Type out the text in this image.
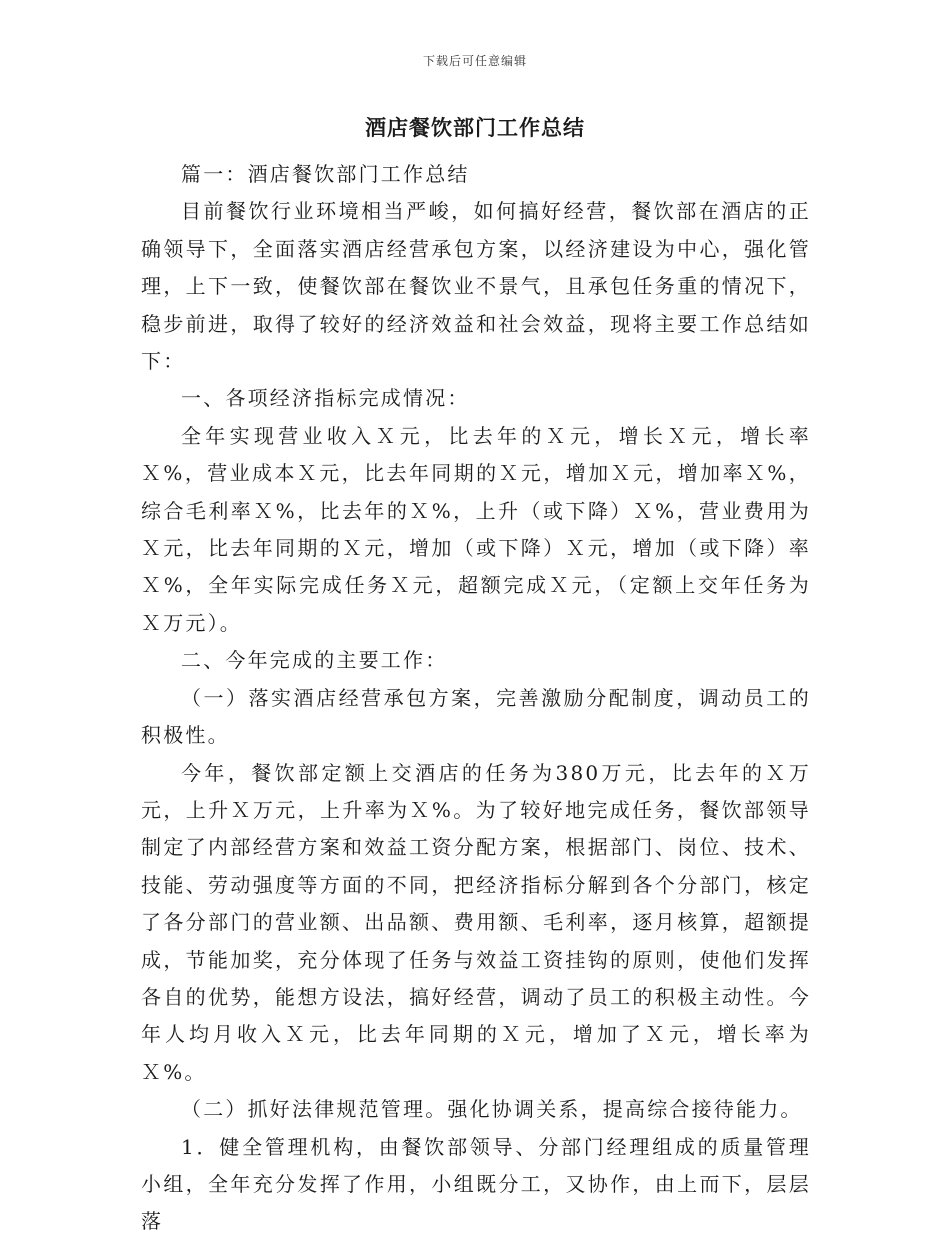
下载后可任意编辑
酒店餐饮部门工作总结

篇一：酒店餐饮部门工作总结

目前餐饮行业环境相当严峻，如何搞好经营，餐饮部在酒店的正确领导下，全面落实酒店经营承包方案，以经济建设为中心，强化管理，上下一致，使餐饮部在餐饮业不景气，且承包任务重的情况下，稳步前进，取得了较好的经济效益和社会效益，现将主要工作总结如下：

一、各项经济指标完成情况：

全年实现营业收入Ｘ元，比去年的Ｘ元，增长Ｘ元，增长率Ｘ%，营业成本Ｘ元，比去年同期的Ｘ元，增加Ｘ元，增加率Ｘ%，综合毛利率Ｘ%，比去年的Ｘ%，上升（或下降）Ｘ%，营业费用为Ｘ元，比去年同期的Ｘ元，增加（或下降）Ｘ元，增加（或下降）率Ｘ%，全年实际完成任务Ｘ元，超额完成Ｘ元，（定额上交年任务为Ｘ万元）。

二、今年完成的主要工作：

（一）落实酒店经营承包方案，完善激励分配制度，调动员工的积极性。

今年，餐饮部定额上交酒店的任务为380万元，比去年的Ｘ万元，上升Ｘ万元，上升率为Ｘ%。为了较好地完成任务，餐饮部领导制定了内部经营方案和效益工资分配方案，根据部门、岗位、技术、技能、劳动强度等方面的不同，把经济指标分解到各个分部门，核定了各分部门的营业额、出品额、费用额、毛利率，逐月核算，超额提成，节能加奖，充分体现了任务与效益工资挂钩的原则，使他们发挥各自的优势，能想方设法，搞好经营，调动了员工的积极主动性。今年人均月收入Ｘ元，比去年同期的Ｘ元，增加了Ｘ元，增长率为Ｘ%。

（二）抓好法律规范管理。强化协调关系，提高综合接待能力。

1．健全管理机构，由餐饮部领导、分部门经理组成的质量管理小组，全年充分发挥了作用，小组既分工，又协作，由上而下，层层落
